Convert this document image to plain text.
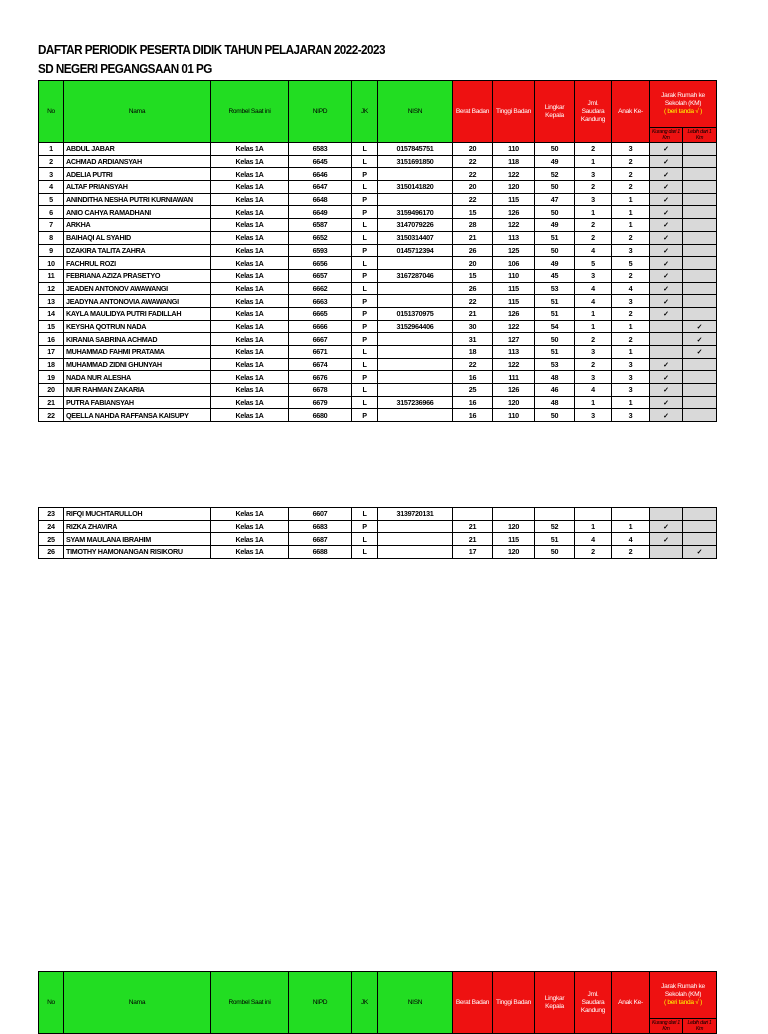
DAFTAR PERIODIK PESERTA DIDIK TAHUN PELAJARAN 2022-2023
SD NEGERI PEGANGSAAN 01 PG
No	Nama	Rombel Saat ini	NIPD	JK	NISN	Berat Badan	Tinggi Badan	Lingkar Kepala	Jml. Saudara Kandung	Anak Ke-	Jarak Rumah ke Sekolah (KM)
( beri tanda √ )	
											Kurang dari 1 Km	Lebih dari 1 Km
1	ABDUL JABAR	Kelas 1A	6583	L	0157845751	20	110	50	2	3	✓	
2	ACHMAD ARDIANSYAH	Kelas 1A	6645	L	3151691850	22	118	49	1	2	✓	
3	ADELIA PUTRI	Kelas 1A	6646	P		22	122	52	3	2	✓	
4	ALTAF PRIANSYAH	Kelas 1A	6647	L	3150141820	20	120	50	2	2	✓	
5	ANINDITHA NESHA PUTRI KURNIAWAN	Kelas 1A	6648	P		22	115	47	3	1	✓	
6	ANIO CAHYA RAMADHANI	Kelas 1A	6649	P	3159496170	15	126	50	1	1	✓	
7	ARKHA	Kelas 1A	6587	L	3147079226	28	122	49	2	1	✓	
8	BAIHAQI AL SYAHID	Kelas 1A	6652	L	3150314407	21	113	51	2	2	✓	
9	DZAKIRA TALITA ZAHRA	Kelas 1A	6593	P	0145712394	26	125	50	4	3	✓	
10	FACHRUL ROZI	Kelas 1A	6656	L		20	106	49	5	5	✓	
11	FEBRIANA AZIZA PRASETYO	Kelas 1A	6657	P	3167287046	15	110	45	3	2	✓	
12	JEADEN ANTONOV AWAWANGI	Kelas 1A	6662	L		26	115	53	4	4	✓	
13	JEADYNA ANTONOVIA AWAWANGI	Kelas 1A	6663	P		22	115	51	4	3	✓	
14	KAYLA MAULIDYA PUTRI FADILLAH	Kelas 1A	6665	P	0151370975	21	126	51	1	2	✓	
15	KEYSHA QOTRUN NADA	Kelas 1A	6666	P	3152964406	30	122	54	1	1		✓
16	KIRANIA SABRINA ACHMAD	Kelas 1A	6667	P		31	127	50	2	2		✓
17	MUHAMMAD FAHMI PRATAMA	Kelas 1A	6671	L		18	113	51	3	1		✓
18	MUHAMMAD ZIDNI GHUNYAH	Kelas 1A	6674	L		22	122	53	2	3	✓	
19	NADA NUR ALESHA	Kelas 1A	6676	P		16	111	48	3	3	✓	
20	NUR RAHMAN ZAKARIA	Kelas 1A	6678	L		25	126	46	4	3	✓	
21	PUTRA FABIANSYAH	Kelas 1A	6679	L	3157236966	16	120	48	1	1	✓	
22	QEELLA NAHDA RAFFANSA KAISUPY	Kelas 1A	6680	P		16	110	50	3	3	✓	
23	RIFQI MUCHTARULLOH	Kelas 1A	6607	L	3139720131							
24	RIZKA ZHAVIRA	Kelas 1A	6683	P		21	120	52	1	1	✓	
25	SYAM MAULANA IBRAHIM	Kelas 1A	6687	L		21	115	51	4	4	✓	
26	TIMOTHY HAMONANGAN RISIKORU	Kelas 1A	6688	L		17	120	50	2	2		✓
No	Nama	Rombel Saat ini	NIPD	JK	NISN	Berat Badan	Tinggi Badan	Lingkar Kepala	Jml. Saudara Kandung	Anak Ke-	Jarak Rumah ke Sekolah (KM)
( beri tanda √ )	
											Kurang dari 1 Km	Lebih dari 1 Km
